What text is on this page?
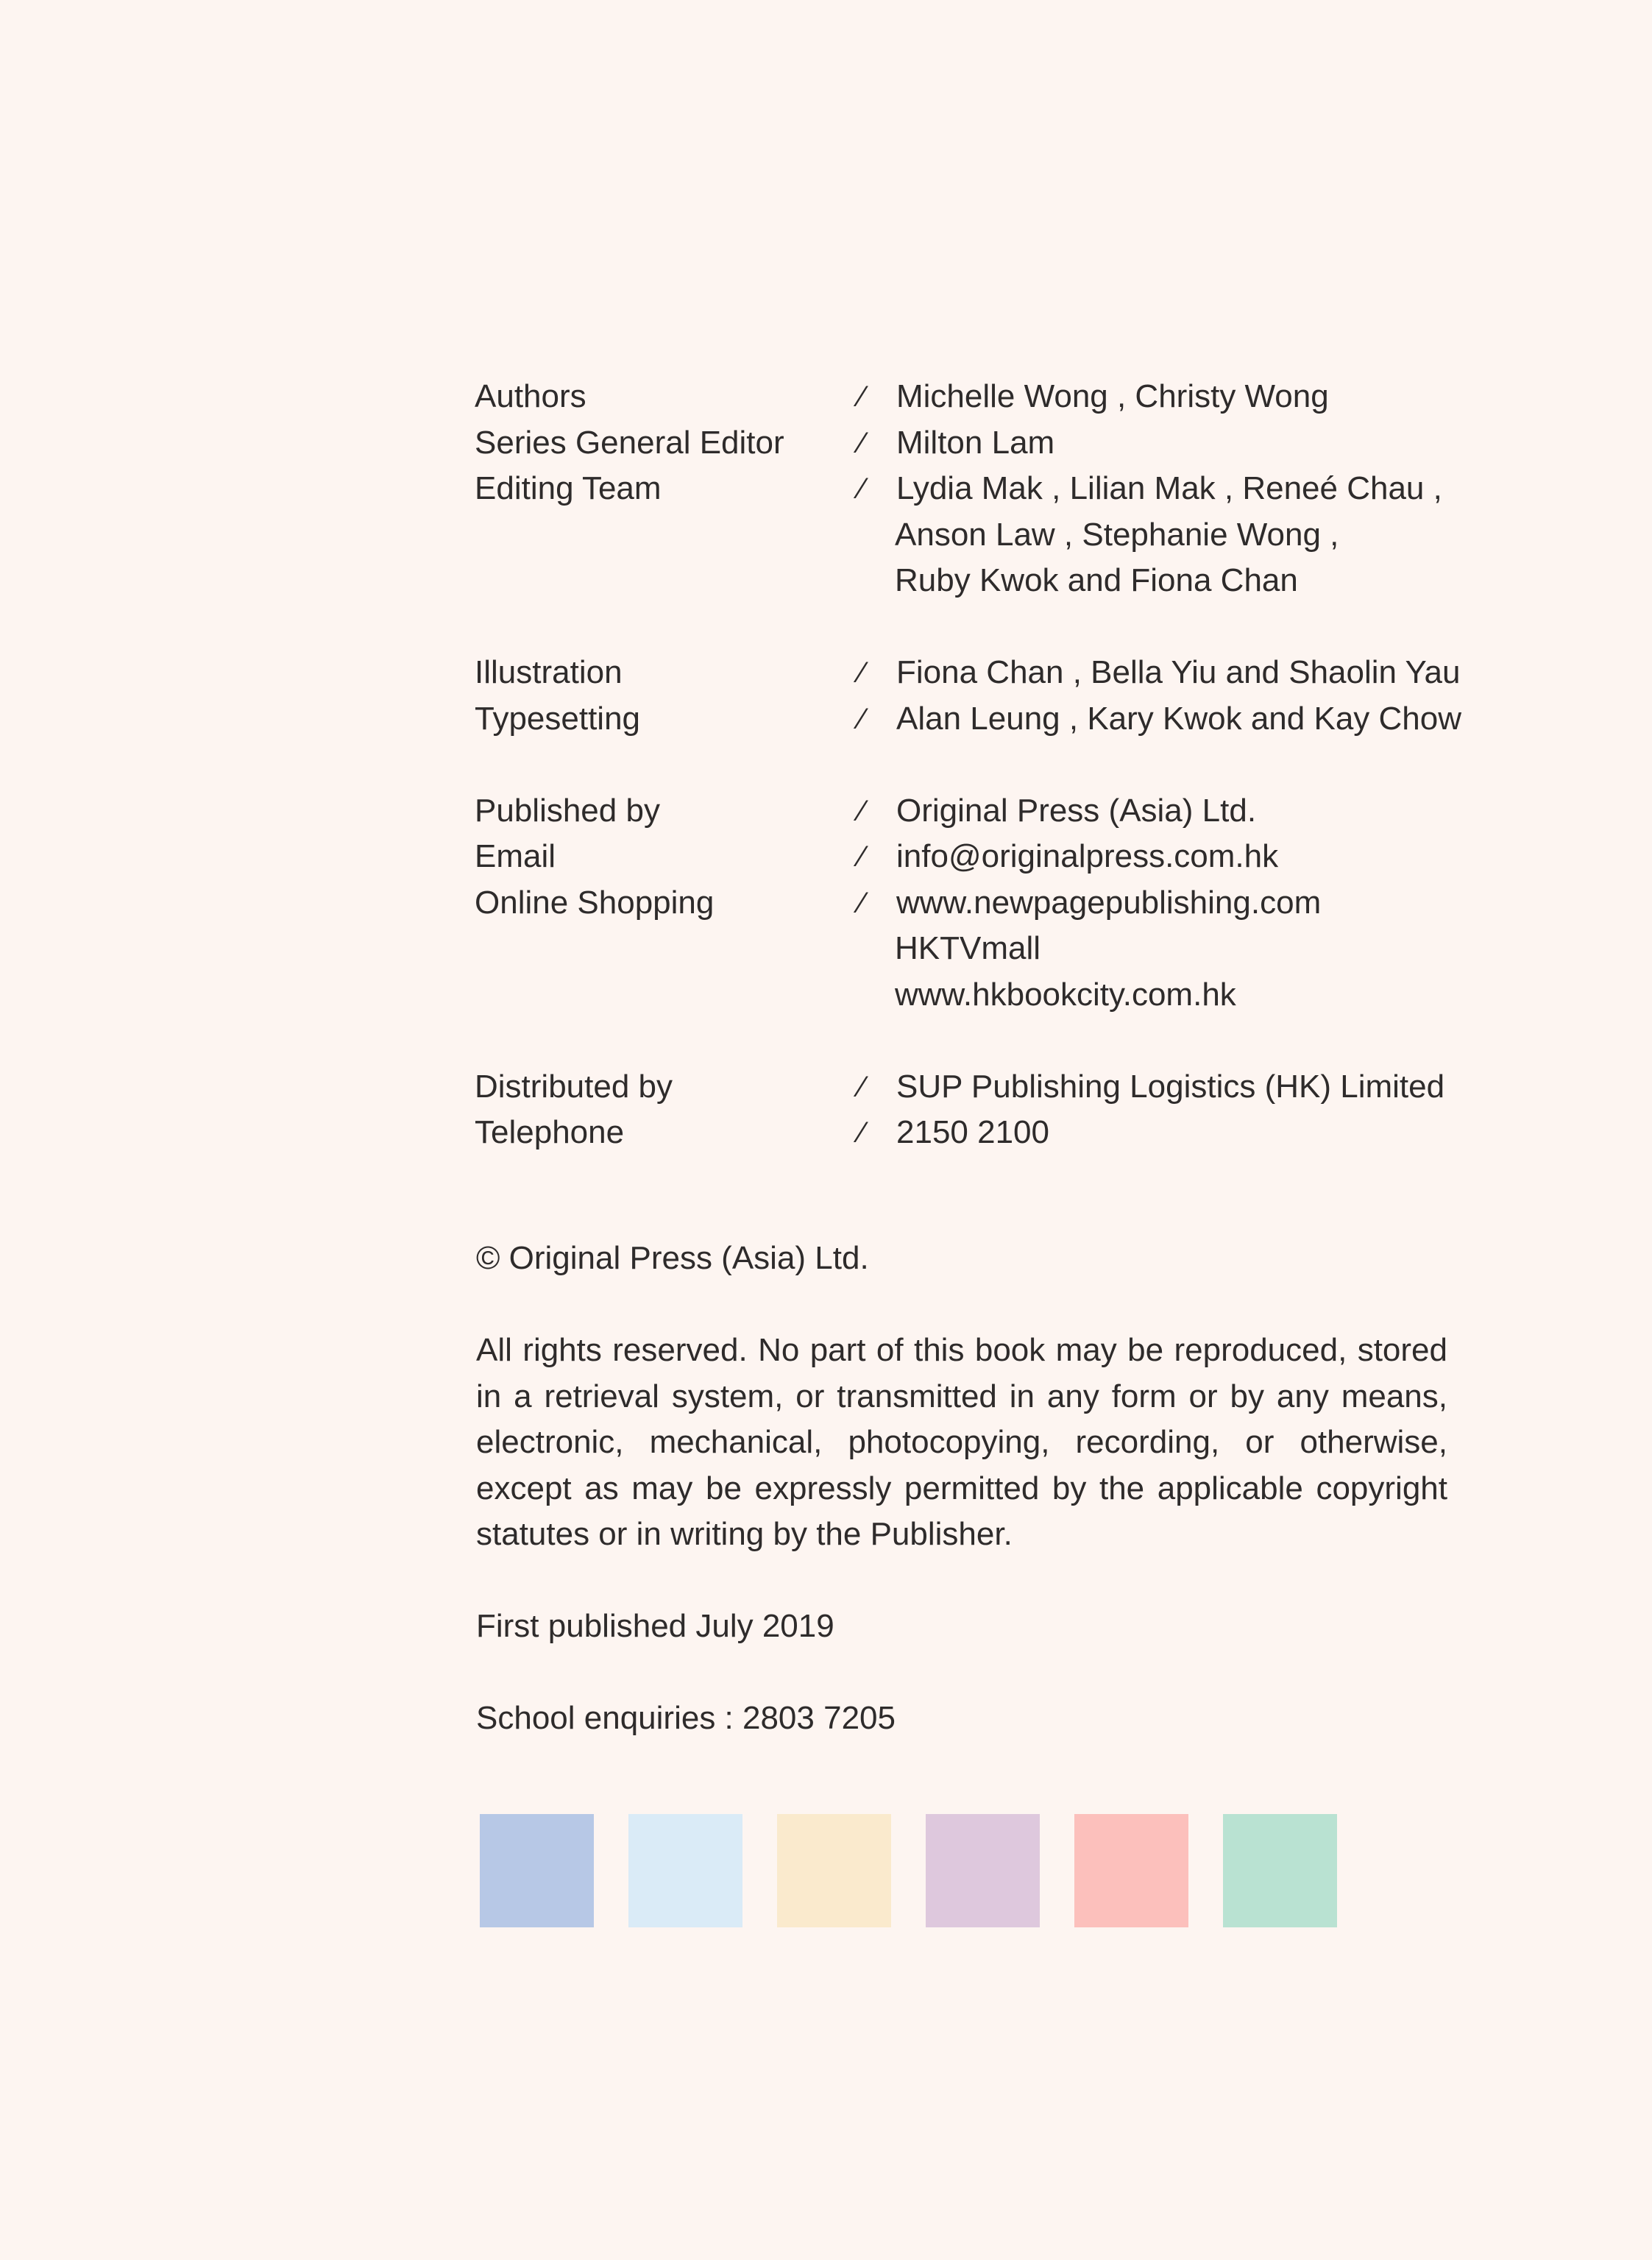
Authors	⁄ Michelle Wong , Christy Wong
Series General Editor	⁄ Milton Lam
Editing Team	⁄ Lydia Mak , Lilian Mak , Reneé Chau ,
Anson Law , Stephanie Wong ,
Ruby Kwok and Fiona Chan
Illustration	⁄ Fiona Chan , Bella Yiu and Shaolin Yau
Typesetting	⁄ Alan Leung , Kary Kwok and Kay Chow
Published by	⁄ Original Press (Asia) Ltd.
Email	⁄ info@originalpress.com.hk
Online Shopping	⁄ www.newpagepublishing.com
HKTVmall
www.hkbookcity.com.hk
Distributed by	⁄ SUP Publishing Logistics (HK) Limited
Telephone	⁄ 2150 2100

© Original Press (Asia) Ltd.

All rights reserved. No part of this book may be reproduced, stored in a retrieval system, or transmitted in any form or by any means, electronic, mechanical, photocopying, recording, or otherwise, except as may be expressly permitted by the applicable copyright statutes or in writing by the Publisher.

First published July 2019

School enquiries : 2803 7205
